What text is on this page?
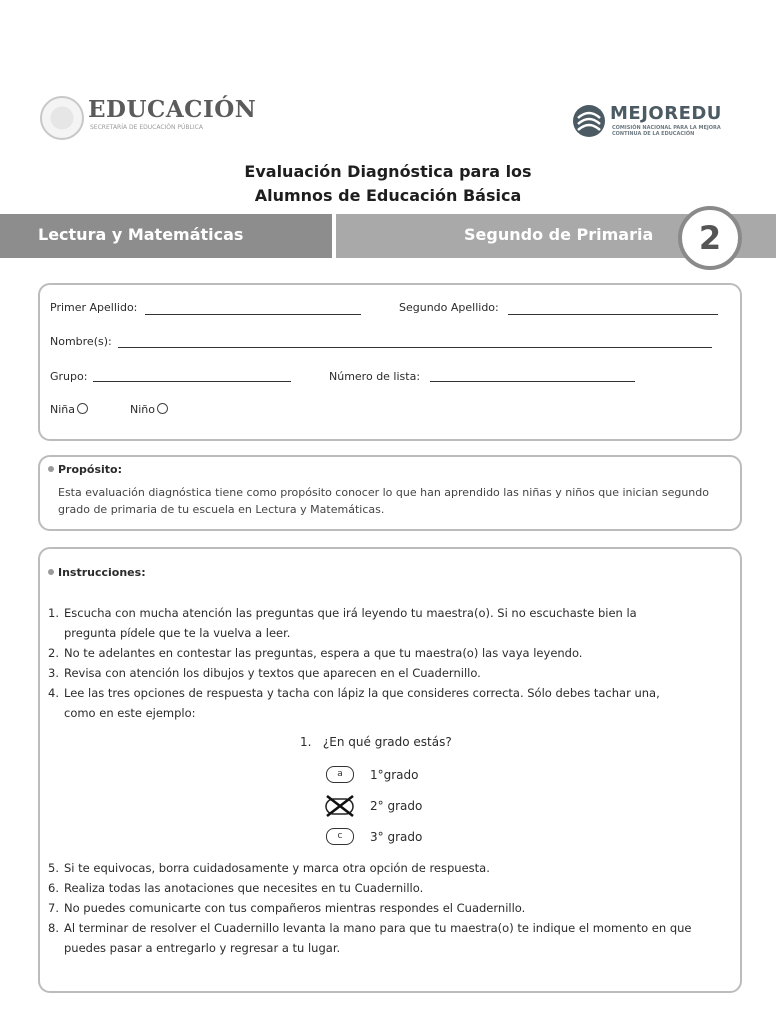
EDUCACIÓN
SECRETARÍA DE EDUCACIÓN PÚBLICA
MEJOREDU
COMISIÓN NACIONAL PARA LA MEJORA
CONTINUA DE LA EDUCACIÓN
Evaluación Diagnóstica para los
Alumnos de Educación Básica
Lectura y Matemáticas	Segundo de Primaria	2
Primer Apellido:	Segundo Apellido:
Nombre(s):
Grupo:	Número de lista:
Niña	Niño
Propósito:
Esta evaluación diagnóstica tiene como propósito conocer lo que han aprendido las niñas y niños que inician segundo
grado de primaria de tu escuela en Lectura y Matemáticas.
Instrucciones:
1. Escucha con mucha atención las preguntas que irá leyendo tu maestra(o). Si no escuchaste bien la
pregunta pídele que te la vuelva a leer.
2. No te adelantes en contestar las preguntas, espera a que tu maestra(o) las vaya leyendo.
3. Revisa con atención los dibujos y textos que aparecen en el Cuadernillo.
4. Lee las tres opciones de respuesta y tacha con lápiz la que consideres correcta. Sólo debes tachar una,
como en este ejemplo:
1. ¿En qué grado estás?
a	1°grado
2° grado
c	3° grado
5. Si te equivocas, borra cuidadosamente y marca otra opción de respuesta.
6. Realiza todas las anotaciones que necesites en tu Cuadernillo.
7. No puedes comunicarte con tus compañeros mientras respondes el Cuadernillo.
8. Al terminar de resolver el Cuadernillo levanta la mano para que tu maestra(o) te indique el momento en que
puedes pasar a entregarlo y regresar a tu lugar.
